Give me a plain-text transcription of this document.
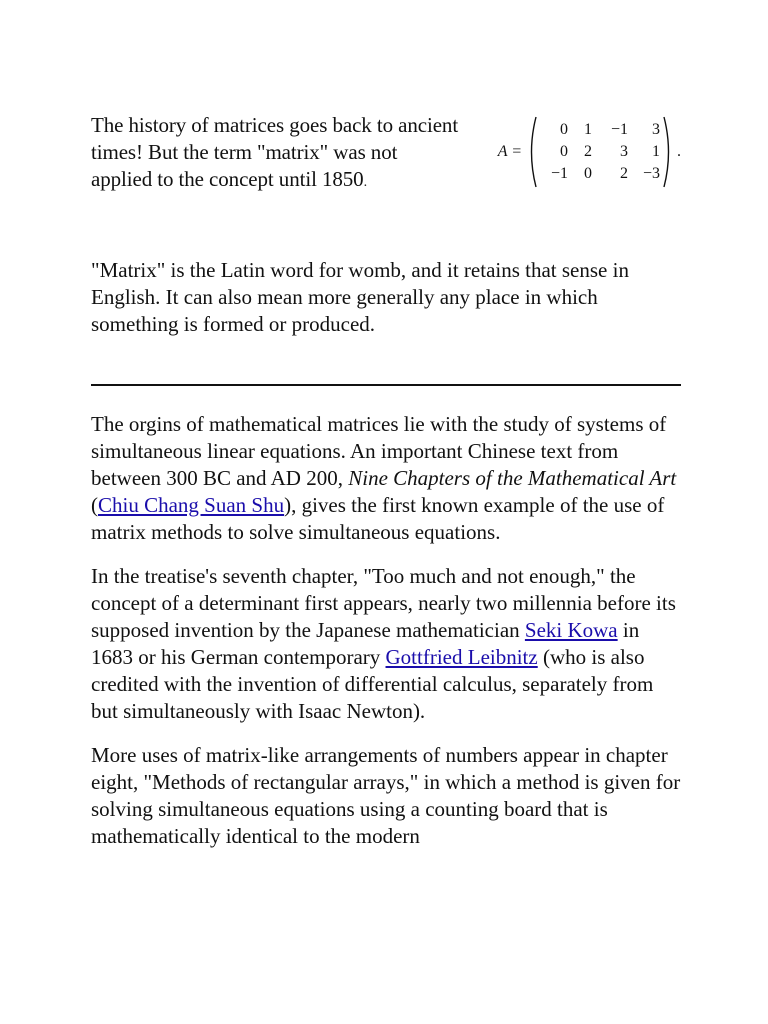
The history of matrices goes back to ancient times! But the term "matrix" was not applied to the concept until 1850.
A =
0	1	−1	3
0	2	3	1
−1	0	2 −3
.

"Matrix" is the Latin word for womb, and it retains that sense in English. It can also mean more generally any place in which something is formed or produced.

The orgins of mathematical matrices lie with the study of systems of simultaneous linear equations. An important Chinese text from between 300 BC and AD 200, Nine Chapters of the Mathematical Art (Chiu Chang Suan Shu), gives the first known example of the use of matrix methods to solve simultaneous equations.

In the treatise's seventh chapter, "Too much and not enough," the concept of a determinant first appears, nearly two millennia before its supposed invention by the Japanese mathematician Seki Kowa in 1683 or his German contemporary Gottfried Leibnitz (who is also credited with the invention of differential calculus, separately from but simultaneously with Isaac Newton).

More uses of matrix-like arrangements of numbers appear in chapter eight, "Methods of rectangular arrays," in which a method is given for solving simultaneous equations using a counting board that is mathematically identical to the modern
